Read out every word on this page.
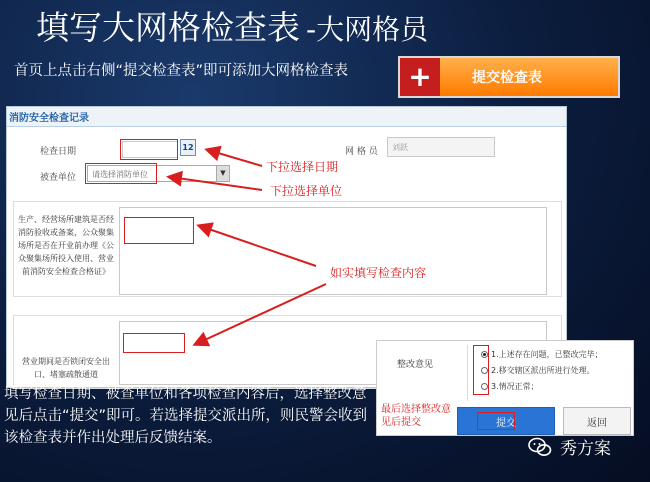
填写大网格检查表 -大网格员
首页上点击右侧“提交检查表”即可添加大网格检查表	+	提交检查表
消防安全检查记录
检查日期	12	网 格 员 刘跃
被查单位 请选择消防单位	▼
生产、经营场所建筑是否经消防验收或备案，公众聚集场所是否在开业前办理《公众聚集场所投入使用、营业前消防安全检查合格证》
营业期间是否锁闭安全出口、堵塞疏散通道
下拉选择日期
下拉选择单位
如实填写检查内容
整改意见
1.上述存在问题，已整改完毕；
2.移交辖区派出所进行处理。
3.情况正常；
提交	返回
最后选择整改意见后提交
填写检查日期、被查单位和各项检查内容后，选择整改意见后点击“提交”即可。若选择提交派出所，则民警会收到该检查表并作出处理后反馈结案。
秀方案
